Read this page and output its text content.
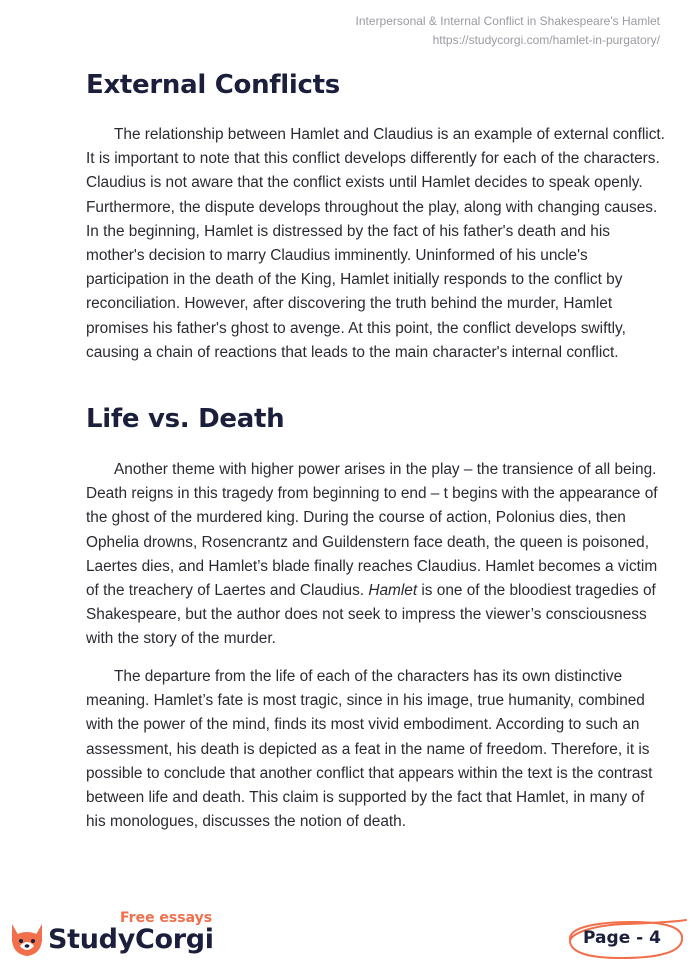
Interpersonal & Internal Conflict in Shakespeare's Hamlet
https://studycorgi.com/hamlet-in-purgatory/
External Conflicts

The relationship between Hamlet and Claudius is an example of external conflict. It is important to note that this conflict develops differently for each of the characters. Claudius is not aware that the conflict exists until Hamlet decides to speak openly. Furthermore, the dispute develops throughout the play, along with changing causes. In the beginning, Hamlet is distressed by the fact of his father's death and his mother's decision to marry Claudius imminently. Uninformed of his uncle's participation in the death of the King, Hamlet initially responds to the conflict by reconciliation. However, after discovering the truth behind the murder, Hamlet promises his father's ghost to avenge. At this point, the conflict develops swiftly, causing a chain of reactions that leads to the main character's internal conflict.

Life vs. Death

Another theme with higher power arises in the play – the transience of all being. Death reigns in this tragedy from beginning to end – t begins with the appearance of the ghost of the murdered king. During the course of action, Polonius dies, then Ophelia drowns, Rosencrantz and Guildenstern face death, the queen is poisoned, Laertes dies, and Hamlet’s blade finally reaches Claudius. Hamlet becomes a victim of the treachery of Laertes and Claudius. Hamlet is one of the bloodiest tragedies of Shakespeare, but the author does not seek to impress the viewer’s consciousness with the story of the murder.

The departure from the life of each of the characters has its own distinctive meaning. Hamlet’s fate is most tragic, since in his image, true humanity, combined with the power of the mind, finds its most vivid embodiment. According to such an assessment, his death is depicted as a feat in the name of freedom. Therefore, it is possible to conclude that another conflict that appears within the text is the contrast between life and death. This claim is supported by the fact that Hamlet, in many of his monologues, discusses the notion of death.

Free essays
StudyCorgi	Page - 4
